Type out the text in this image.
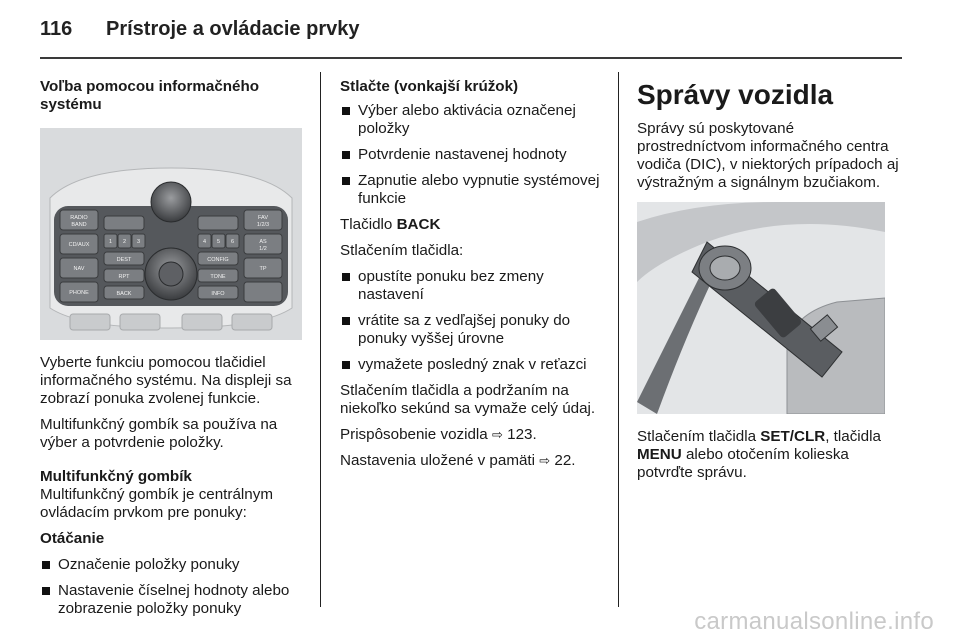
116 Prístroje a ovládacie prvky

Voľba pomocou informačného systému

RADIO
BAND
CD/AUX
NAV
PHONE
FAV
1/2/3
AS
1/2
TP
DEST	CONFIG
RPT	TONE
BACK	INFO
1 2 3	4 5 6

Vyberte funkciu pomocou tlačidiel informačného systému. Na displeji sa zobrazí ponuka zvolenej funkcie.

Multifunkčný gombík sa používa na výber a potvrdenie položky.

Multifunkčný gombík
Multifunkčný gombík je centrálnym ovládacím prvkom pre ponuky:

Otáčanie

Označenie položky ponuky
Nastavenie číselnej hodnoty alebo zobrazenie položky ponuky

Stlačte (vonkajší krúžok)

Výber alebo aktivácia označenej položky
Potvrdenie nastavenej hodnoty
Zapnutie alebo vypnutie systémovej funkcie

Tlačidlo BACK

Stlačením tlačidla:

opustíte ponuku bez zmeny nastavení
vrátite sa z vedľajšej ponuky do ponuky vyššej úrovne
vymažete posledný znak v reťazci

Stlačením tlačidla a podržaním na niekoľko sekúnd sa vymaže celý údaj.

Prispôsobenie vozidla ⇨ 123.

Nastavenia uložené v pamäti ⇨ 22.

Správy vozidla

Správy sú poskytované prostredníctvom informačného centra vodiča (DIC), v niektorých prípadoch aj výstražným a signálnym bzučiakom.

Stlačením tlačidla SET/CLR, tlačidla MENU alebo otočením kolieska potvrďte správu.

carmanualsonline.info
